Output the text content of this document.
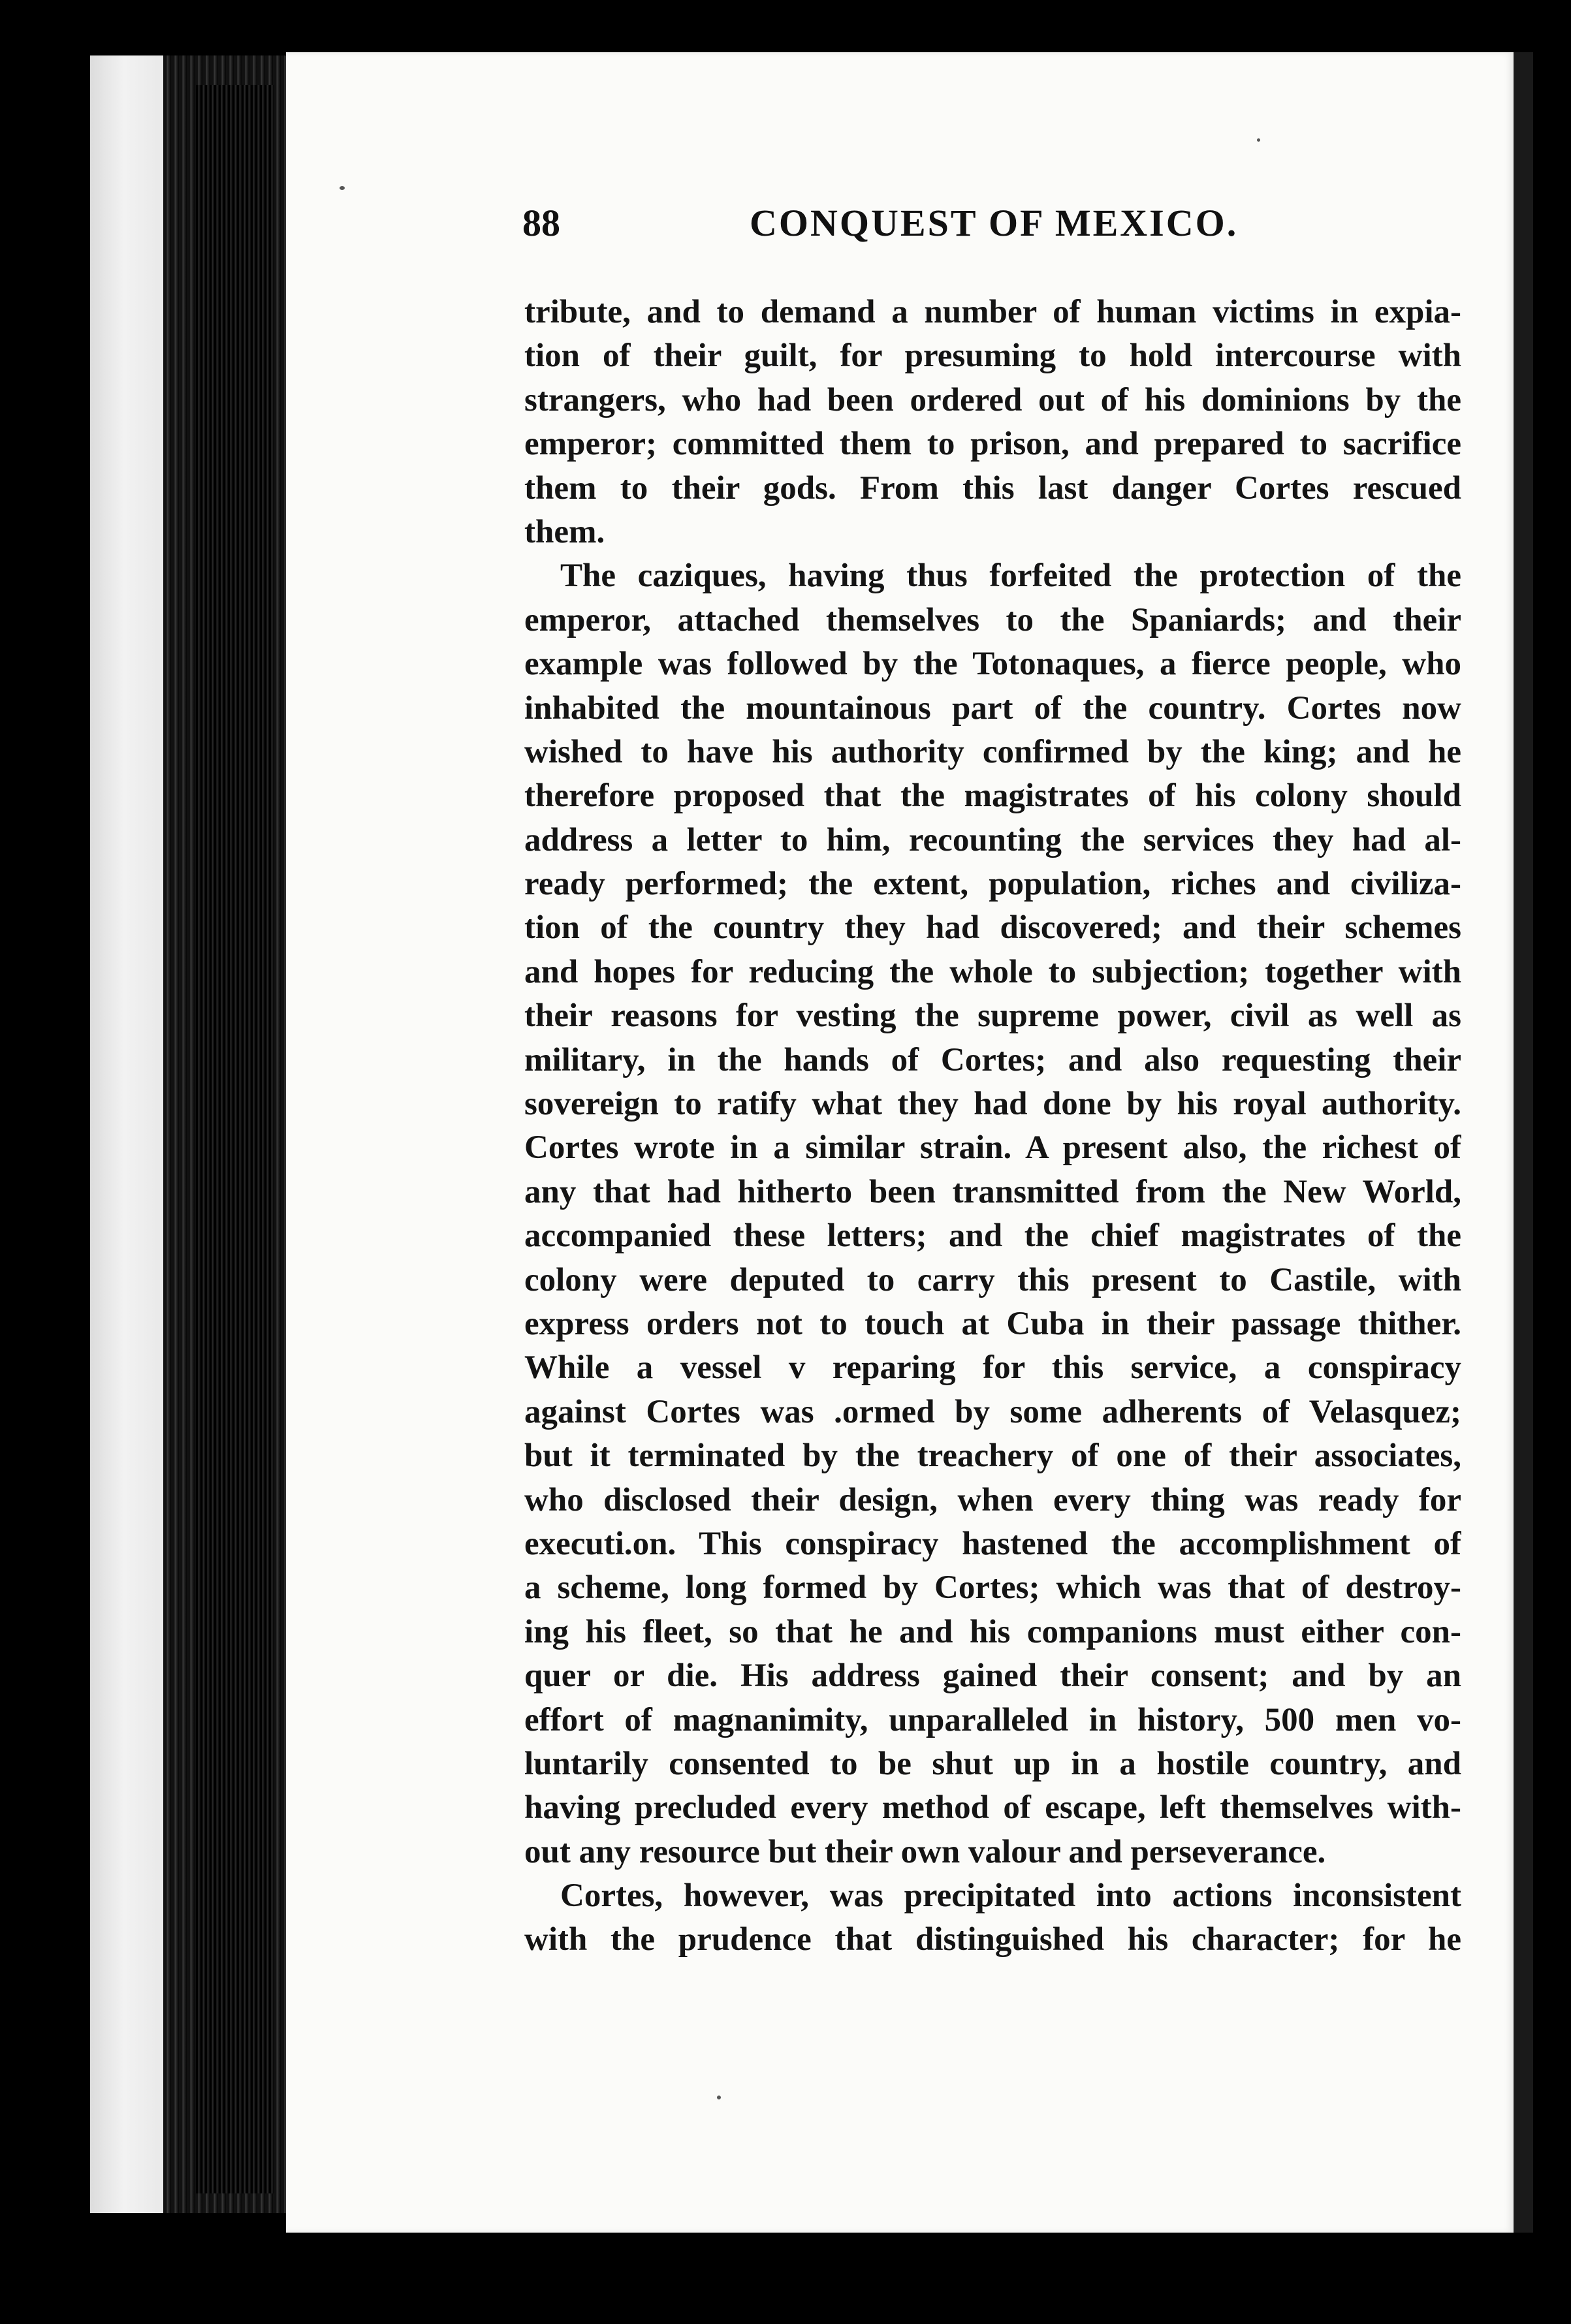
88	CONQUEST OF MEXICO.
tribute, and to demand a number of human victims in expia-
tion of their guilt, for presuming to hold intercourse with
strangers, who had been ordered out of his dominions by the
emperor; committed them to prison, and prepared to sacrifice
them to their gods. From this last danger Cortes rescued
them.
The caziques, having thus forfeited the protection of the
emperor, attached themselves to the Spaniards; and their
example was followed by the Totonaques, a fierce people, who
inhabited the mountainous part of the country. Cortes now
wished to have his authority confirmed by the king; and he
therefore proposed that the magistrates of his colony should
address a letter to him, recounting the services they had al-
ready performed; the extent, population, riches and civiliza-
tion of the country they had discovered; and their schemes
and hopes for reducing the whole to subjection; together with
their reasons for vesting the supreme power, civil as well as
military, in the hands of Cortes; and also requesting their
sovereign to ratify what they had done by his royal authority.
Cortes wrote in a similar strain. A present also, the richest of
any that had hitherto been transmitted from the New World,
accompanied these letters; and the chief magistrates of the
colony were deputed to carry this present to Castile, with
express orders not to touch at Cuba in their passage thither.
While a vessel v reparing for this service, a conspiracy
against Cortes was .ormed by some adherents of Velasquez;
but it terminated by the treachery of one of their associates,
who disclosed their design, when every thing was ready for
executi.on. This conspiracy hastened the accomplishment of
a scheme, long formed by Cortes; which was that of destroy-
ing his fleet, so that he and his companions must either con-
quer or die. His address gained their consent; and by an
effort of magnanimity, unparalleled in history, 500 men vo-
luntarily consented to be shut up in a hostile country, and
having precluded every method of escape, left themselves with-
out any resource but their own valour and perseverance.
Cortes, however, was precipitated into actions inconsistent
with the prudence that distinguished his character; for he
